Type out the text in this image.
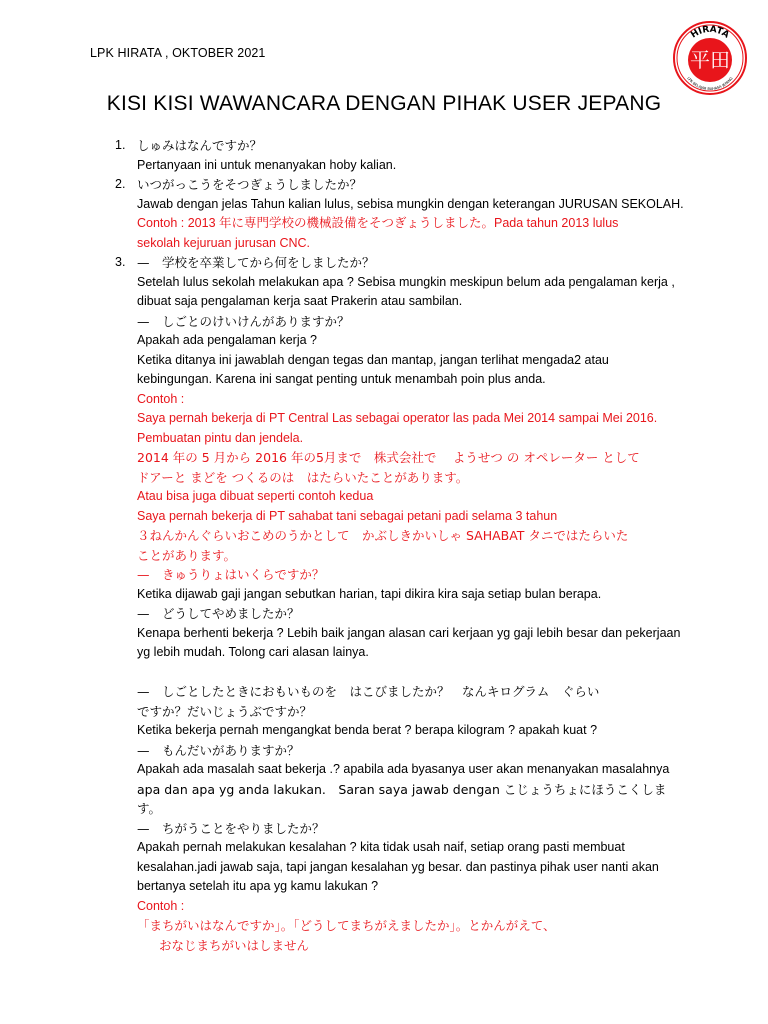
LPK HIRATA , OKTOBER 2021
HIRATA
LPK BELAJAR BAHASA JEPANG
平田
KISI KISI WAWANCARA DENGAN PIHAK USER JEPANG
1. しゅみはなんですか？
Pertanyaan ini untuk menanyakan hoby kalian.
2. いつがっこうをそつぎょうしましたか？
Jawab dengan jelas Tahun kalian lulus, sebisa mungkin dengan keterangan JURUSAN SEKOLAH.
Contoh : 2013 年に専門学校の機械設備をそつぎょうしました。Pada tahun 2013 lulus
sekolah kejuruan jurusan CNC.
3. —　学校を卒業してから何をしましたか？
Setelah lulus sekolah melakukan apa ? Sebisa mungkin meskipun belum ada pengalaman kerja ,
dibuat saja pengalaman kerja saat Prakerin atau sambilan.
—　しごとのけいけんがありますか？
Apakah ada pengalaman kerja ?
Ketika ditanya ini jawablah dengan tegas dan mantap, jangan terlihat mengada2 atau
kebingungan. Karena ini sangat penting untuk menambah poin plus anda.
Contoh :
Saya pernah bekerja di PT Central Las sebagai operator las pada Mei 2014 sampai Mei 2016.
Pembuatan pintu dan jendela.
2014 年の 5 月から 2016 年の5月まで　株式会社で　 ようせつ の オペレーター として
ドアーと まどを つくるのは　はたらいたことがあります。
Atau bisa juga dibuat seperti contoh kedua
Saya pernah bekerja di PT sahabat tani sebagai petani padi selama 3 tahun
３ねんかんぐらいおこめのうかとして　かぶしきかいしゃ SAHABAT タニではたらいた
ことがあります。
—　きゅうりょはいくらですか？
Ketika dijawab gaji jangan sebutkan harian, tapi dikira kira saja setiap bulan berapa.
—　どうしてやめましたか？
Kenapa berhenti bekerja ? Lebih baik jangan alasan cari kerjaan yg gaji lebih besar dan pekerjaan
yg lebih mudah. Tolong cari alasan lainya.
—　しごとしたときにおもいものを　はこびましたか？　なんキログラム　ぐらい
ですか？だいじょうぶですか？
Ketika bekerja pernah mengangkat benda berat ? berapa kilogram ? apakah kuat ?
—　もんだいがありますか？
Apakah ada masalah saat bekerja .? apabila ada byasanya user akan menanyakan masalahnya
apa dan apa yg anda lakukan.　Saran saya jawab dengan こじょうちょにほうこくします。
—　ちがうことをやりましたか？
Apakah pernah melakukan kesalahan ? kita tidak usah naif, setiap orang pasti membuat
kesalahan.jadi jawab saja, tapi jangan kesalahan yg besar. dan pastinya pihak user nanti akan
bertanya setelah itu apa yg kamu lakukan ?
Contoh :
「まちがいはなんですか」。「どうしてまちがえましたか」。とかんがえて、
おなじまちがいはしません
